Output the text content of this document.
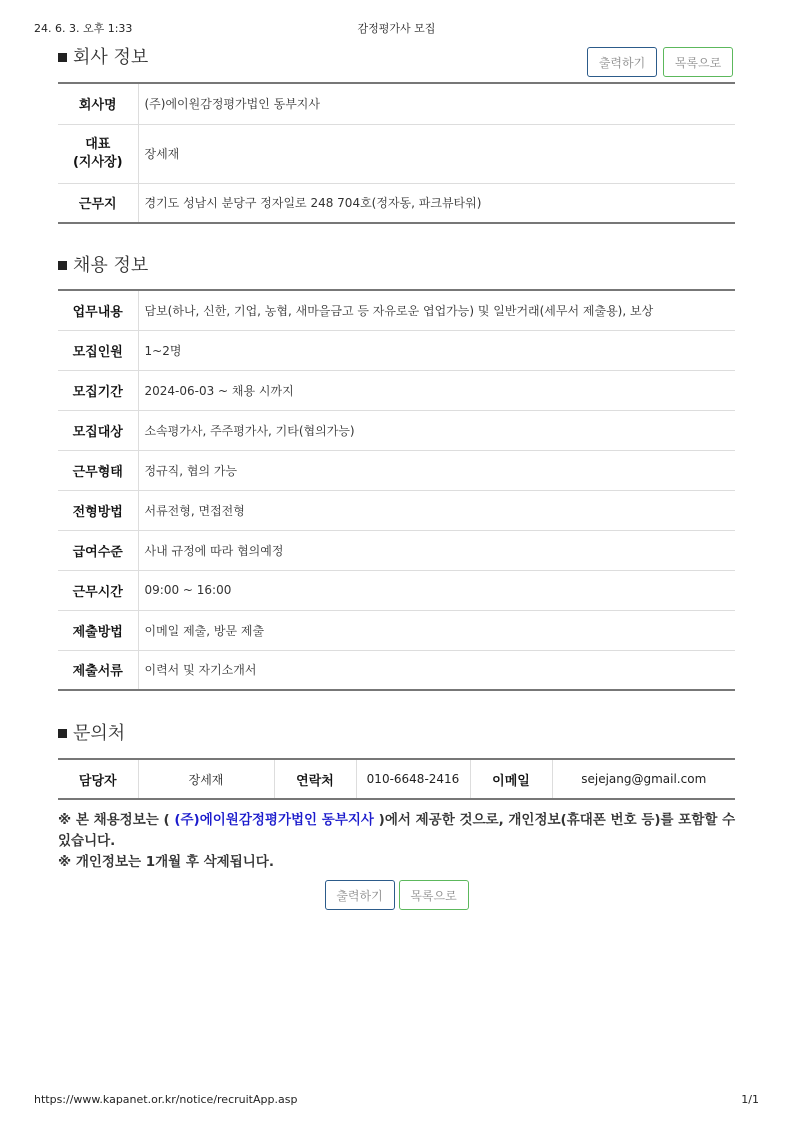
24. 6. 3. 오후 1:33	감정평가사 모집
회사 정보	출력하기	목록으로
회사명	(주)에이원감정평가법인 동부지사
대표
(지사장)	장세재
근무지	경기도 성남시 분당구 정자일로 248 704호(정자동, 파크뷰타워)
채용 정보
업무내용	담보(하나, 신한, 기업, 농협, 새마을금고 등 자유로운 엽업가능) 및 일반거래(세무서 제출용), 보상
모집인원	1~2명
모집기간	2024-06-03 ~ 채용 시까지
모집대상	소속평가사, 주주평가사, 기타(협의가능)
근무형태	정규직, 협의 가능
전형방법	서류전형, 면접전형
급여수준	사내 규정에 따라 협의예정
근무시간	09:00 ~ 16:00
제출방법	이메일 제출, 방문 제출
제출서류	이력서 및 자기소개서
문의처
담당자	장세재	연락처	010-6648-2416	이메일	sejejang@gmail.com
※ 본 채용정보는 ( (주)에이원감정평가법인 동부지사 )에서 제공한 것으로, 개인정보(휴대폰 번호 등)를 포함할 수 있습니다.
※ 개인정보는 1개월 후 삭제됩니다.
출력하기	목록으로
https://www.kapanet.or.kr/notice/recruitApp.asp	1/1
